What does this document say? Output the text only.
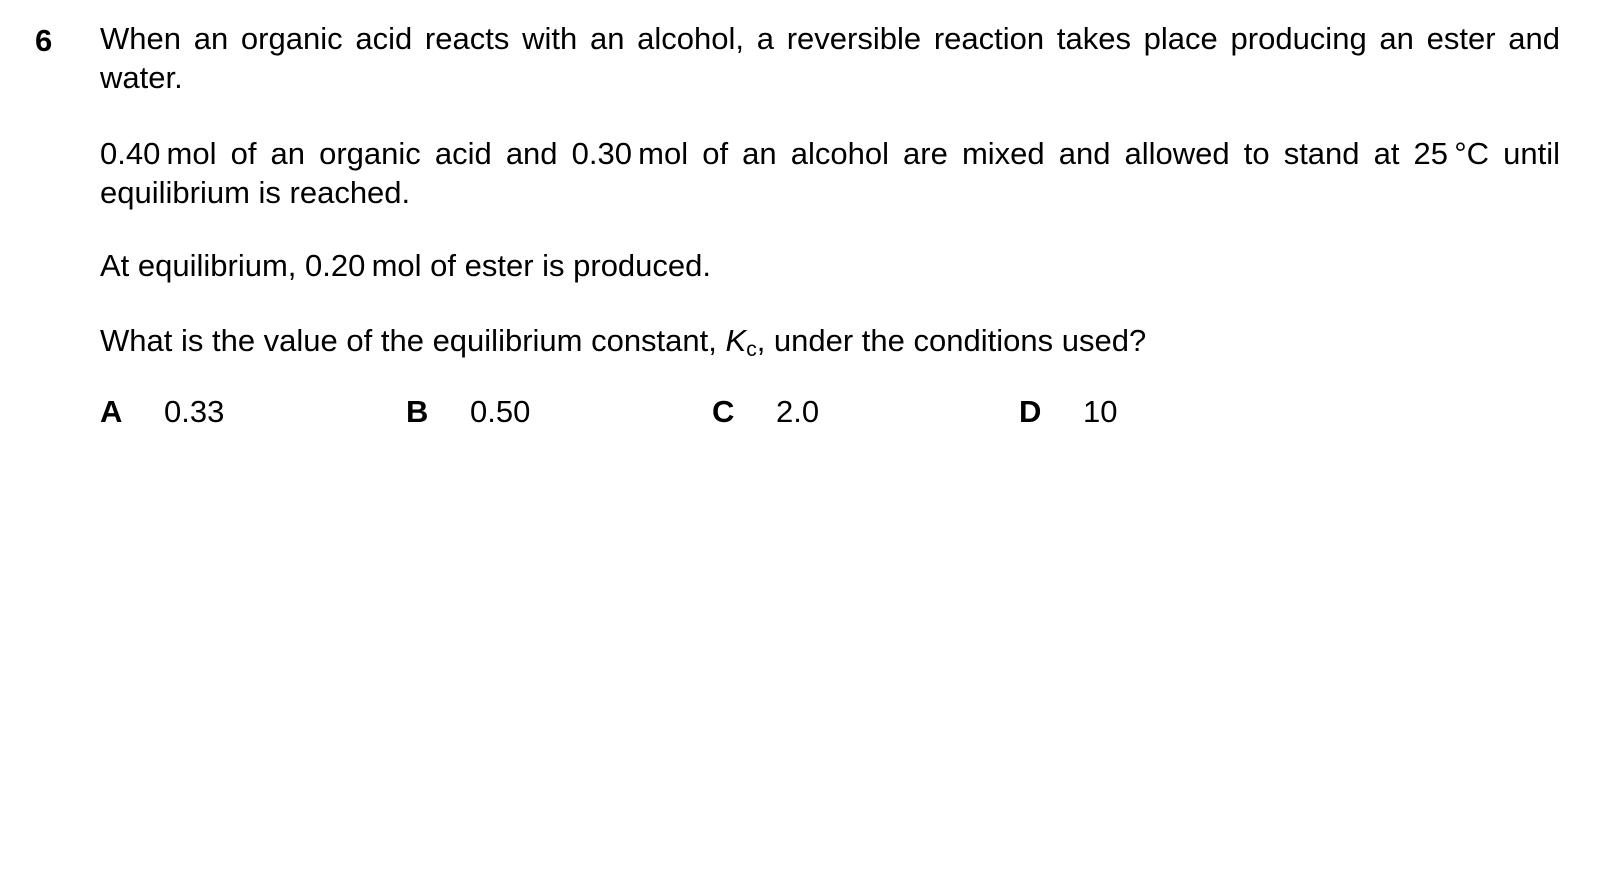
6 When an organic acid reacts with an alcohol, a reversible reaction takes place producing an ester and water.

0.40 mol of an organic acid and 0.30 mol of an alcohol are mixed and allowed to stand at 25 °C until equilibrium is reached.

At equilibrium, 0.20 mol of ester is produced.

What is the value of the equilibrium constant, $K_c$, under the conditions used?

A 0.33	B 0.50	C 2.0	D 10
